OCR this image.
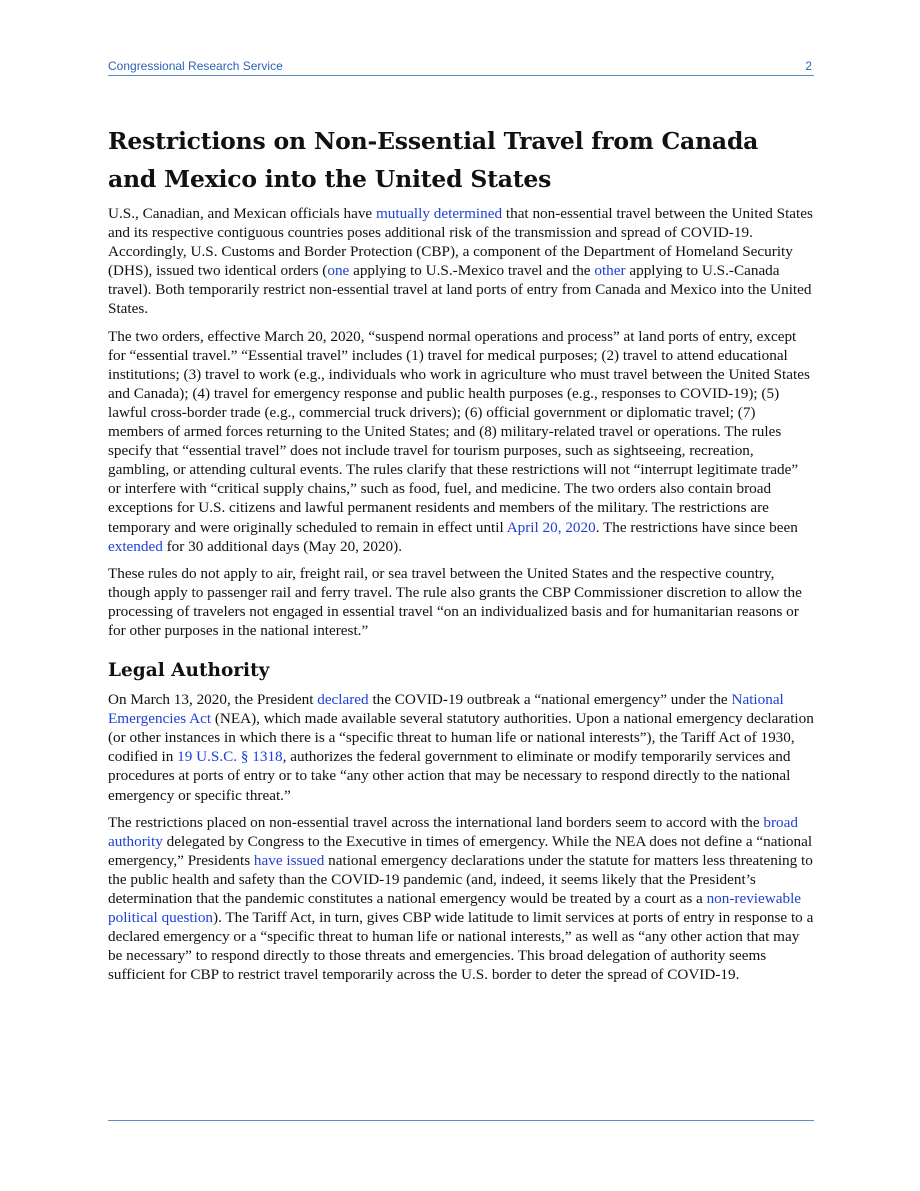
Congressional Research Service	2
Restrictions on Non-Essential Travel from Canada and Mexico into the United States

U.S., Canadian, and Mexican officials have mutually determined that non-essential travel between the United States and its respective contiguous countries poses additional risk of the transmission and spread of COVID-19. Accordingly, U.S. Customs and Border Protection (CBP), a component of the Department of Homeland Security (DHS), issued two identical orders (one applying to U.S.-Mexico travel and the other applying to U.S.-Canada travel). Both temporarily restrict non-essential travel at land ports of entry from Canada and Mexico into the United States.

The two orders, effective March 20, 2020, “suspend normal operations and process” at land ports of entry, except for “essential travel.” “Essential travel” includes (1) travel for medical purposes; (2) travel to attend educational institutions; (3) travel to work (e.g., individuals who work in agriculture who must travel between the United States and Canada); (4) travel for emergency response and public health purposes (e.g., responses to COVID-19); (5) lawful cross-border trade (e.g., commercial truck drivers); (6) official government or diplomatic travel; (7) members of armed forces returning to the United States; and (8) military-related travel or operations. The rules specify that “essential travel” does not include travel for tourism purposes, such as sightseeing, recreation, gambling, or attending cultural events. The rules clarify that these restrictions will not “interrupt legitimate trade” or interfere with “critical supply chains,” such as food, fuel, and medicine. The two orders also contain broad exceptions for U.S. citizens and lawful permanent residents and members of the military. The restrictions are temporary and were originally scheduled to remain in effect until April 20, 2020. The restrictions have since been extended for 30 additional days (May 20, 2020).

These rules do not apply to air, freight rail, or sea travel between the United States and the respective country, though apply to passenger rail and ferry travel. The rule also grants the CBP Commissioner discretion to allow the processing of travelers not engaged in essential travel “on an individualized basis and for humanitarian reasons or for other purposes in the national interest.”

Legal Authority

On March 13, 2020, the President declared the COVID-19 outbreak a “national emergency” under the National Emergencies Act (NEA), which made available several statutory authorities. Upon a national emergency declaration (or other instances in which there is a “specific threat to human life or national interests”), the Tariff Act of 1930, codified in 19 U.S.C. § 1318, authorizes the federal government to eliminate or modify temporarily services and procedures at ports of entry or to take “any other action that may be necessary to respond directly to the national emergency or specific threat.”

The restrictions placed on non-essential travel across the international land borders seem to accord with the broad authority delegated by Congress to the Executive in times of emergency. While the NEA does not define a “national emergency,” Presidents have issued national emergency declarations under the statute for matters less threatening to the public health and safety than the COVID-19 pandemic (and, indeed, it seems likely that the President’s determination that the pandemic constitutes a national emergency would be treated by a court as a non-reviewable political question). The Tariff Act, in turn, gives CBP wide latitude to limit services at ports of entry in response to a declared emergency or a “specific threat to human life or national interests,” as well as “any other action that may be necessary” to respond directly to those threats and emergencies. This broad delegation of authority seems sufficient for CBP to restrict travel temporarily across the U.S. border to deter the spread of COVID-19.
